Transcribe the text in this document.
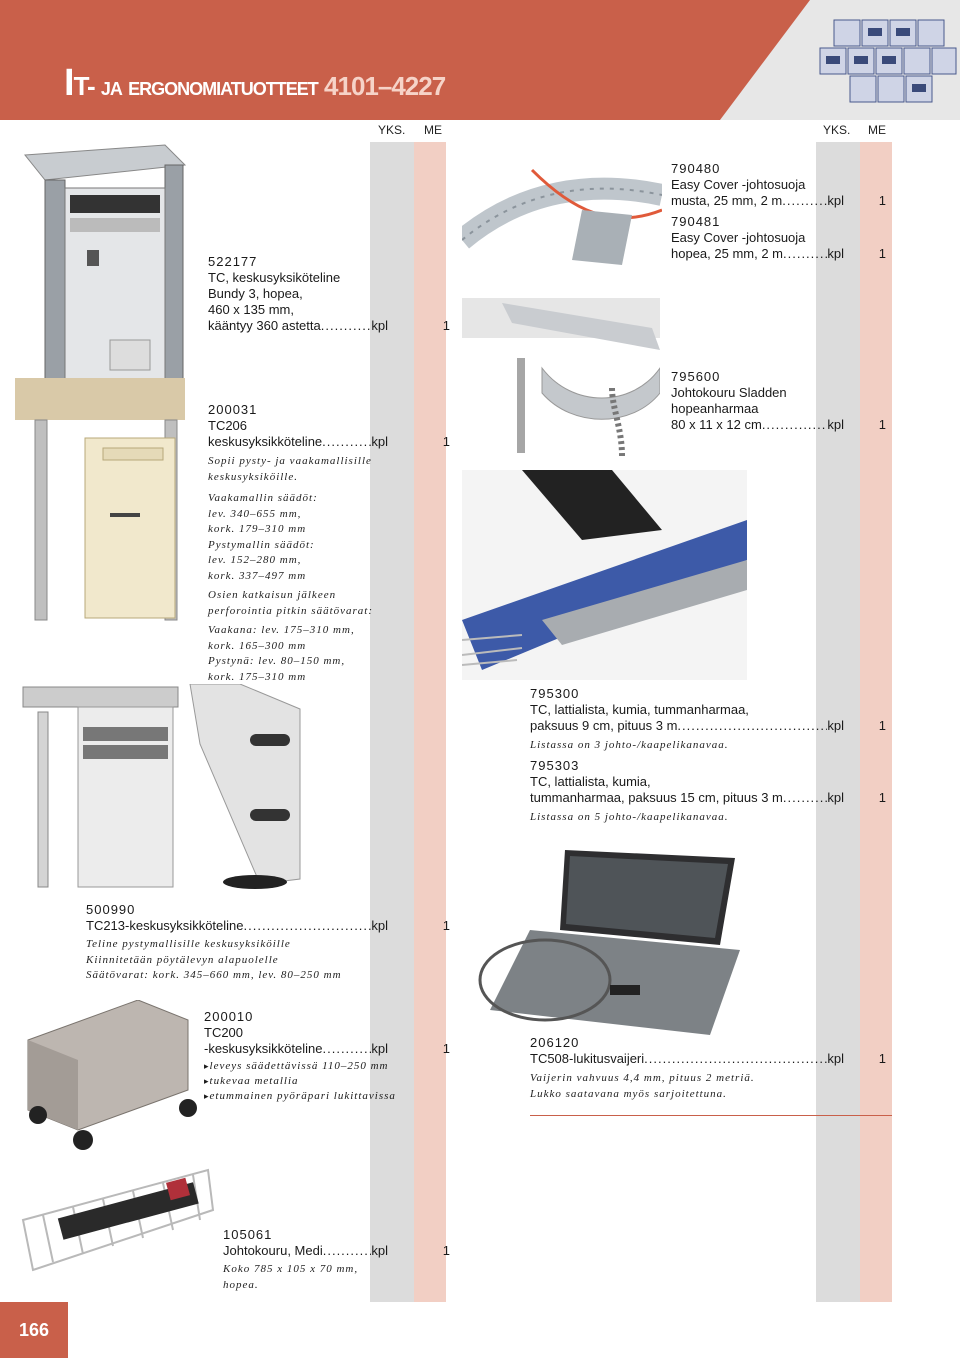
IT- ja ergonomiatuotteet 4101–4227
YKS. ME	YKS. ME
522177
TC, keskusyksiköteline
Bundy 3, hopea,
460 x 135 mm,
kääntyy 360 astetta .....	kpl	1
200031
TC206
keskusyksikköteline .....	kpl	1
Sopii pysty- ja vaakamallisille
keskusyksiköille.
Vaakamallin säädöt:
lev. 340–655 mm,
kork. 179–310 mm
Pystymallin säädöt:
lev. 152–280 mm,
kork. 337–497 mm
Osien katkaisun jälkeen
perforointia pitkin säätövarat:
Vaakana: lev. 175–310 mm,
kork. 165–300 mm
Pystynä: lev. 80–150 mm,
kork. 175–310 mm
500990
TC213-keskusyksikköteline .....	kpl	1
Teline pystymallisille keskusyksiköille
Kiinnitetään pöytälevyn alapuolelle
Säätövarat: kork. 345–660 mm, lev. 80–250 mm
200010
TC200
-keskusyksikköteline .....	kpl	1
▸ leveys säädettävissä 110–250 mm
▸ tukevaa metallia
▸ etummainen pyöräpari lukittavissa
105061
Johtokouru, Medi .....	kpl	1
Koko 785 x 105 x 70 mm,
hopea.
790480
Easy Cover -johtosuoja
musta, 25 mm, 2 m .....	kpl	1
790481
Easy Cover -johtosuoja
hopea, 25 mm, 2 m .....	kpl	1
795600
Johtokouru Sladden
hopeanharmaa
80 x 11 x 12 cm .....	kpl	1
795300
TC, lattialista, kumia, tummanharmaa,
paksuus 9 cm, pituus 3 m .....	kpl	1
Listassa on 3 johto-/kaapelikanavaa.
795303
TC, lattialista, kumia,
tummanharmaa, paksuus 15 cm, pituus 3 m .....	kpl	1
Listassa on 5 johto-/kaapelikanavaa.
206120
TC508-lukitusvaijeri .....	kpl	1
Vaijerin vahvuus 4,4 mm, pituus 2 metriä.
Lukko saatavana myös sarjoitettuna.
166
